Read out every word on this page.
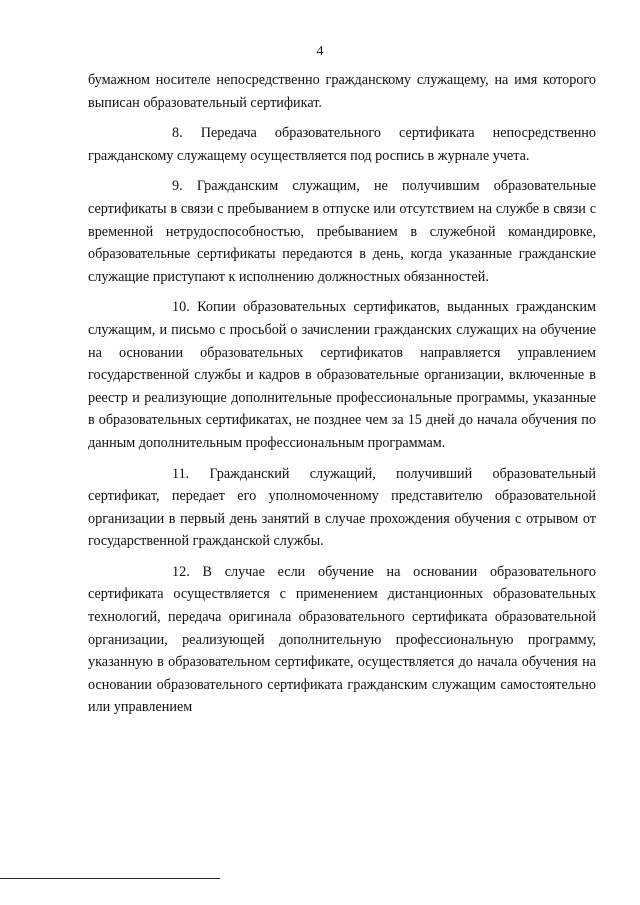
4

бумажном носителе непосредственно гражданскому служащему, на имя которого выписан образовательный сертификат.

8. Передача образовательного сертификата непосредственно гражданскому служащему осуществляется под роспись в журнале учета.

9. Гражданским служащим, не получившим образовательные сертификаты в связи с пребыванием в отпуске или отсутствием на службе в связи с временной нетрудоспособностью, пребыванием в служебной командировке, образовательные сертификаты передаются в день, когда указанные гражданские служащие приступают к исполнению должностных обязанностей.

10. Копии образовательных сертификатов, выданных гражданским служащим, и письмо с просьбой о зачислении гражданских служащих на обучение на основании образовательных сертификатов направляется управлением государственной службы и кадров в образовательные организации, включенные в реестр и реализующие дополнительные профессиональные программы, указанные в образовательных сертификатах, не позднее чем за 15 дней до начала обучения по данным дополнительным профессиональным программам.

11. Гражданский служащий, получивший образовательный сертификат, передает его уполномоченному представителю образовательной организации в первый день занятий в случае прохождения обучения с отрывом от государственной гражданской службы.

12. В случае если обучение на основании образовательного сертификата осуществляется с применением дистанционных образовательных технологий, передача оригинала образовательного сертификата образовательной организации, реализующей дополнительную профессиональную программу, указанную в образовательном сертификате, осуществляется до начала обучения на основании образовательного сертификата гражданским служащим самостоятельно или управлением
